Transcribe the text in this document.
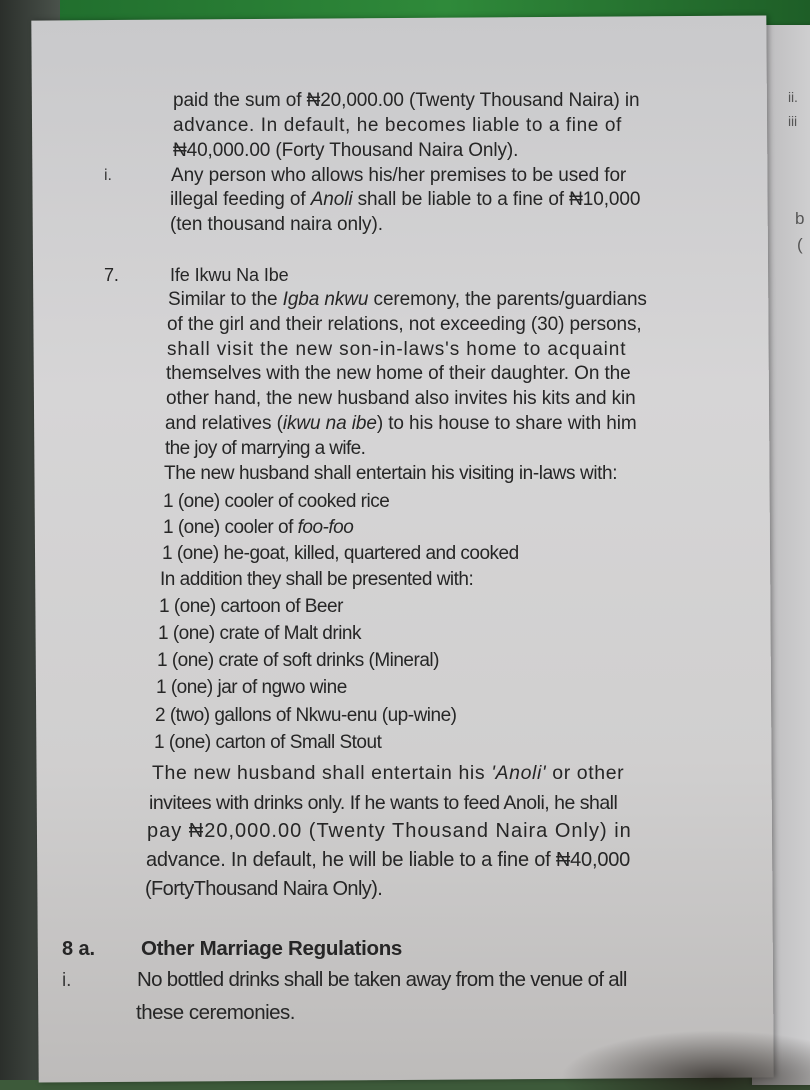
paid the sum of ₦20,000.00 (Twenty Thousand Naira) in
advance. In default, he becomes liable to a fine of
₦40,000.00 (Forty Thousand Naira Only).
i.	Any person who allows his/her premises to be used for
illegal feeding of Anoli shall be liable to a fine of ₦10,000
(ten thousand naira only).
7.	Ife Ikwu Na Ibe
Similar to the Igba nkwu ceremony, the parents/guardians
of the girl and their relations, not exceeding (30) persons,
shall visit the new son-in-laws's home to acquaint
themselves with the new home of their daughter. On the
other hand, the new husband also invites his kits and kin
and relatives (ikwu na ibe) to his house to share with him
the joy of marrying a wife.
The new husband shall entertain his visiting in-laws with:
1 (one) cooler of cooked rice
1 (one) cooler of foo-foo
1 (one) he-goat, killed, quartered and cooked
In addition they shall be presented with:
1 (one) cartoon of Beer
1 (one) crate of Malt drink
1 (one) crate of soft drinks (Mineral)
1 (one) jar of ngwo wine
2 (two) gallons of Nkwu-enu (up-wine)
1 (one) carton of Small Stout
The new husband shall entertain his 'Anoli' or other
invitees with drinks only. If he wants to feed Anoli, he shall
pay ₦20,000.00 (Twenty Thousand Naira Only) in
advance. In default, he will be liable to a fine of ₦40,000
(FortyThousand Naira Only).
8 a. Other Marriage Regulations
i.	No bottled drinks shall be taken away from the venue of all
these ceremonies.
ii.
iii
b
(
